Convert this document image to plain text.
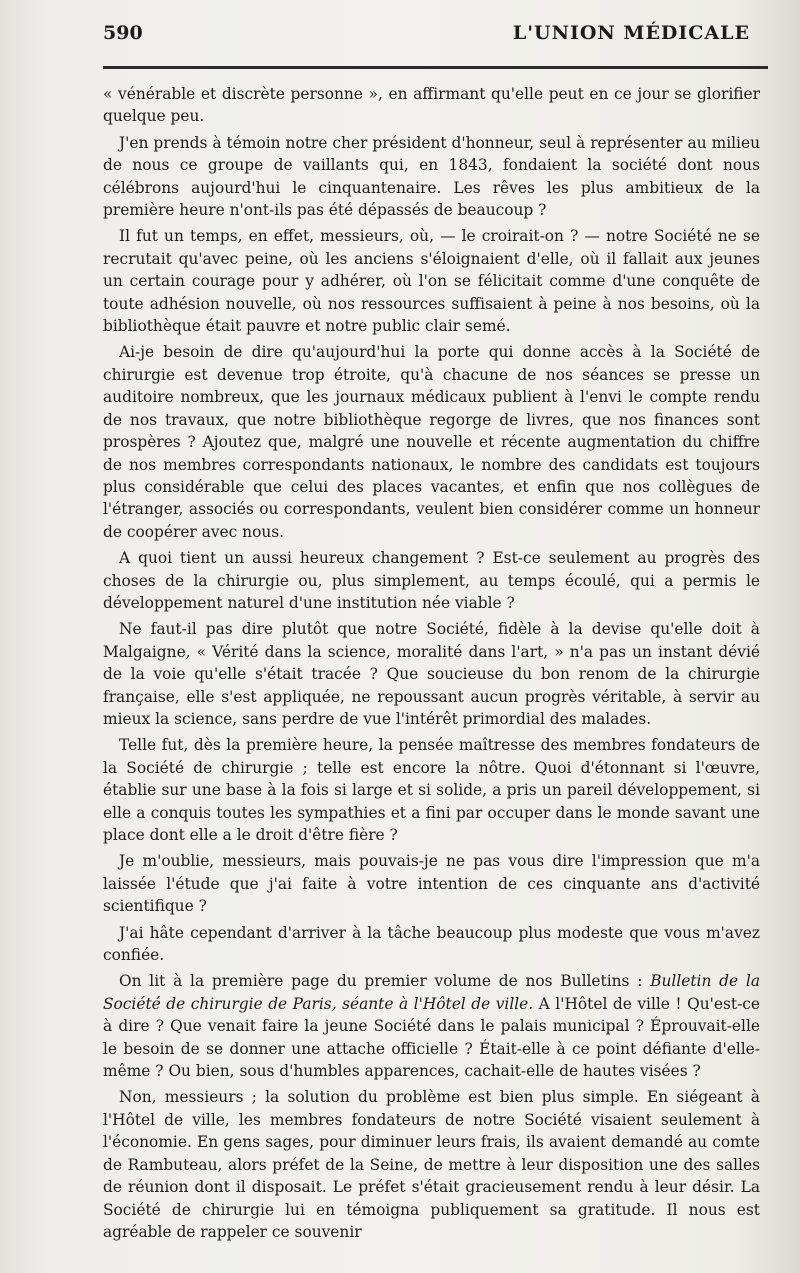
590	L'UNION MÉDICALE

« vénérable et discrète personne », en affirmant qu'elle peut en ce jour se glorifier quelque peu.

J'en prends à témoin notre cher président d'honneur, seul à représenter au milieu de nous ce groupe de vaillants qui, en 1843, fondaient la société dont nous célébrons aujourd'hui le cinquantenaire. Les rêves les plus ambitieux de la première heure n'ont-ils pas été dépassés de beaucoup ?

Il fut un temps, en effet, messieurs, où, — le croirait-on ? — notre Société ne se recrutait qu'avec peine, où les anciens s'éloignaient d'elle, où il fallait aux jeunes un certain courage pour y adhérer, où l'on se félicitait comme d'une conquête de toute adhésion nouvelle, où nos ressources suffisaient à peine à nos besoins, où la bibliothèque était pauvre et notre public clair semé.

Ai-je besoin de dire qu'aujourd'hui la porte qui donne accès à la Société de chirurgie est devenue trop étroite, qu'à chacune de nos séances se presse un auditoire nombreux, que les journaux médicaux publient à l'envi le compte rendu de nos travaux, que notre bibliothèque regorge de livres, que nos finances sont prospères ? Ajoutez que, malgré une nouvelle et récente augmentation du chiffre de nos membres correspondants nationaux, le nombre des candidats est toujours plus considérable que celui des places vacantes, et enfin que nos collègues de l'étranger, associés ou correspondants, veulent bien considérer comme un honneur de coopérer avec nous.

A quoi tient un aussi heureux changement ? Est-ce seulement au progrès des choses de la chirurgie ou, plus simplement, au temps écoulé, qui a permis le développement naturel d'une institution née viable ?

Ne faut-il pas dire plutôt que notre Société, fidèle à la devise qu'elle doit à Malgaigne, « Vérité dans la science, moralité dans l'art, » n'a pas un instant dévié de la voie qu'elle s'était tracée ? Que soucieuse du bon renom de la chirurgie française, elle s'est appliquée, ne repoussant aucun progrès véritable, à servir au mieux la science, sans perdre de vue l'intérêt primordial des malades.

Telle fut, dès la première heure, la pensée maîtresse des membres fondateurs de la Société de chirurgie ; telle est encore la nôtre. Quoi d'étonnant si l'œuvre, établie sur une base à la fois si large et si solide, a pris un pareil développement, si elle a conquis toutes les sympathies et a fini par occuper dans le monde savant une place dont elle a le droit d'être fière ?

Je m'oublie, messieurs, mais pouvais-je ne pas vous dire l'impression que m'a laissée l'étude que j'ai faite à votre intention de ces cinquante ans d'activité scientifique ?

J'ai hâte cependant d'arriver à la tâche beaucoup plus modeste que vous m'avez confiée.

On lit à la première page du premier volume de nos Bulletins : Bulletin de la Société de chirurgie de Paris, séante à l'Hôtel de ville. A l'Hôtel de ville ! Qu'est-ce à dire ? Que venait faire la jeune Société dans le palais municipal ? Éprouvait-elle le besoin de se donner une attache officielle ? Était-elle à ce point défiante d'elle-même ? Ou bien, sous d'humbles apparences, cachait-elle de hautes visées ?

Non, messieurs ; la solution du problème est bien plus simple. En siégeant à l'Hôtel de ville, les membres fondateurs de notre Société visaient seulement à l'économie. En gens sages, pour diminuer leurs frais, ils avaient demandé au comte de Rambuteau, alors préfet de la Seine, de mettre à leur disposition une des salles de réunion dont il disposait. Le préfet s'était gracieusement rendu à leur désir. La Société de chirurgie lui en témoigna publiquement sa gratitude. Il nous est agréable de rappeler ce souvenir
